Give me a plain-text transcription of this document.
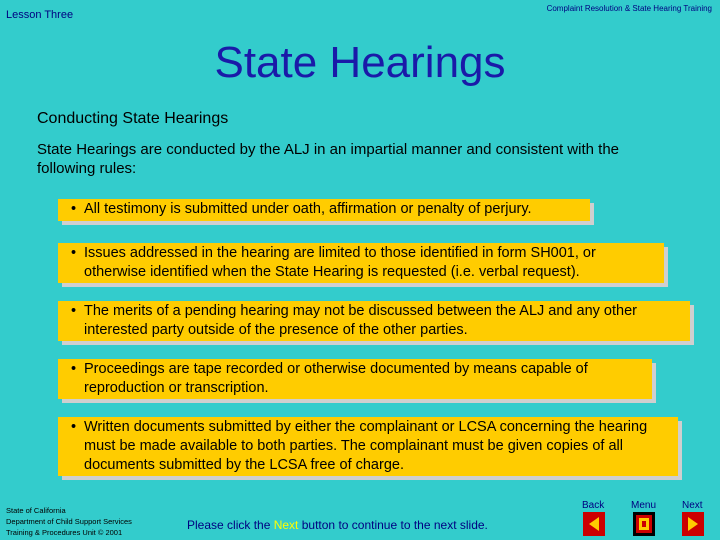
Lesson Three
Complaint Resolution & State Hearing Training
State Hearings
Conducting State Hearings
State Hearings are conducted by the ALJ in an impartial manner and consistent with the following rules:
• All testimony is submitted under oath, affirmation or penalty of perjury.
• Issues addressed in the hearing are limited to those identified in form SH001, or otherwise identified when the State Hearing is requested (i.e. verbal request).
• The merits of a pending hearing may not be discussed between the ALJ and any other interested party outside of the presence of the other parties.
• Proceedings are tape recorded or otherwise documented by means capable of reproduction or transcription.
• Written documents submitted by either the complainant or LCSA concerning the hearing must be made available to both parties. The complainant must be given copies of all documents submitted by the LCSA free of charge.
State of California
Department of Child Support Services
Training & Procedures Unit © 2001
Please click the Next button to continue to the next slide.
Back	Menu	Next
